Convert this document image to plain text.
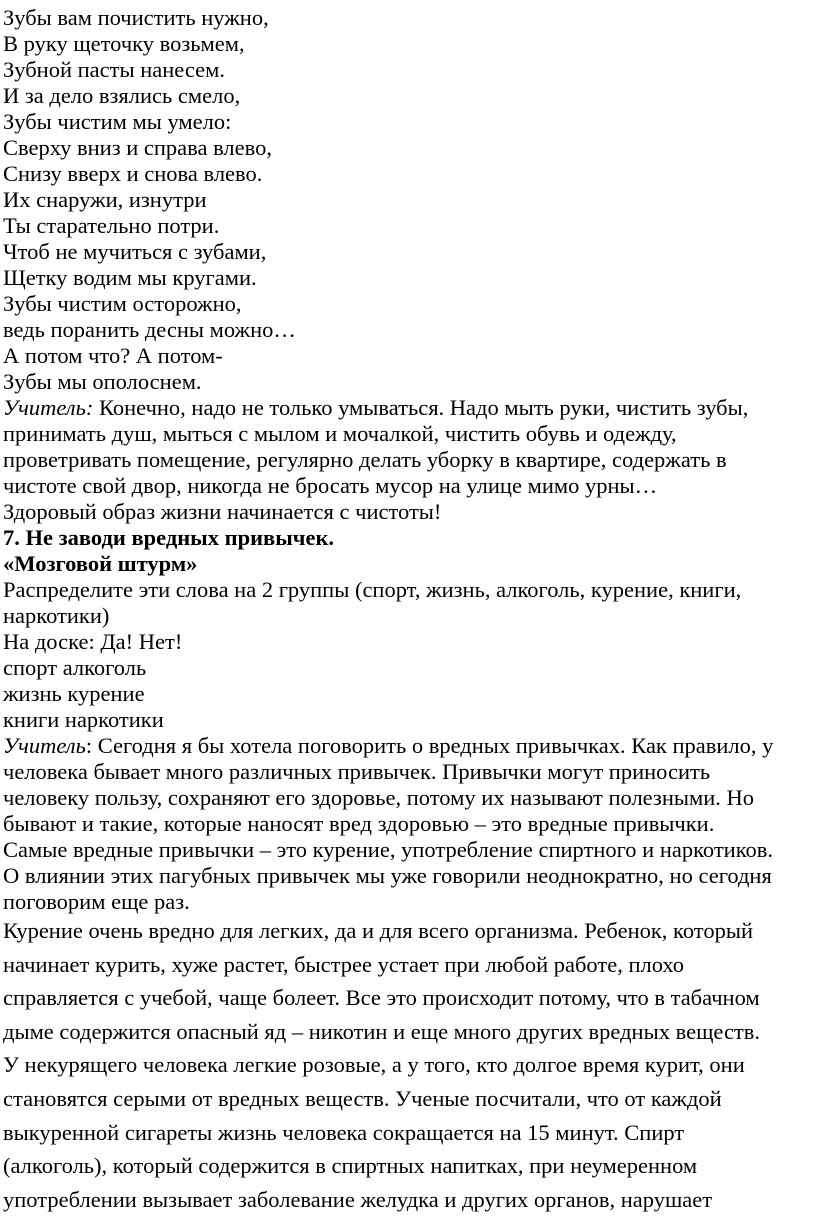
Зубы вам почистить нужно,

В руку щеточку возьмем,

Зубной пасты нанесем.

И за дело взялись смело,

Зубы чистим мы умело:

Сверху вниз и справа влево,

Снизу вверх и снова влево.

Их снаружи, изнутри

Ты старательно потри.

Чтоб не мучиться с зубами,

Щетку водим мы кругами.

Зубы чистим осторожно,

ведь поранить десны можно…

А потом что? А потом-

Зубы мы ополоснем.

Учитель: Конечно, надо не только умываться. Надо мыть руки, чистить зубы,

принимать душ, мыться с мылом и мочалкой, чистить обувь и одежду,

проветривать помещение, регулярно делать уборку в квартире, содержать в

чистоте свой двор, никогда не бросать мусор на улице мимо урны…

Здоровый образ жизни начинается с чистоты!

7. Не заводи вредных привычек.

«Мозговой штурм»

Распределите эти слова на 2 группы (спорт, жизнь, алкоголь, курение, книги,

наркотики)

На доске: Да! Нет!

спорт алкоголь

жизнь курение

книги наркотики

Учитель: Сегодня я бы хотела поговорить о вредных привычках. Как правило, у

человека бывает много различных привычек. Привычки могут приносить

человеку пользу, сохраняют его здоровье, потому их называют полезными. Но

бывают и такие, которые наносят вред здоровью – это вредные привычки.

Самые вредные привычки – это курение, употребление спиртного и наркотиков.

О влиянии этих пагубных привычек мы уже говорили неоднократно, но сегодня

поговорим еще раз.

Курение очень вредно для легких, да и для всего организма. Ребенок, который

начинает курить, хуже растет, быстрее устает при любой работе, плохо

справляется с учебой, чаще болеет. Все это происходит потому, что в табачном

дыме содержится опасный яд – никотин и еще много других вредных веществ.

У некурящего человека легкие розовые, а у того, кто долгое время курит, они

становятся серыми от вредных веществ. Ученые посчитали, что от каждой

выкуренной сигареты жизнь человека сокращается на 15 минут. Спирт

(алкоголь), который содержится в спиртных напитках, при неумеренном

употреблении вызывает заболевание желудка и других органов, нарушает
